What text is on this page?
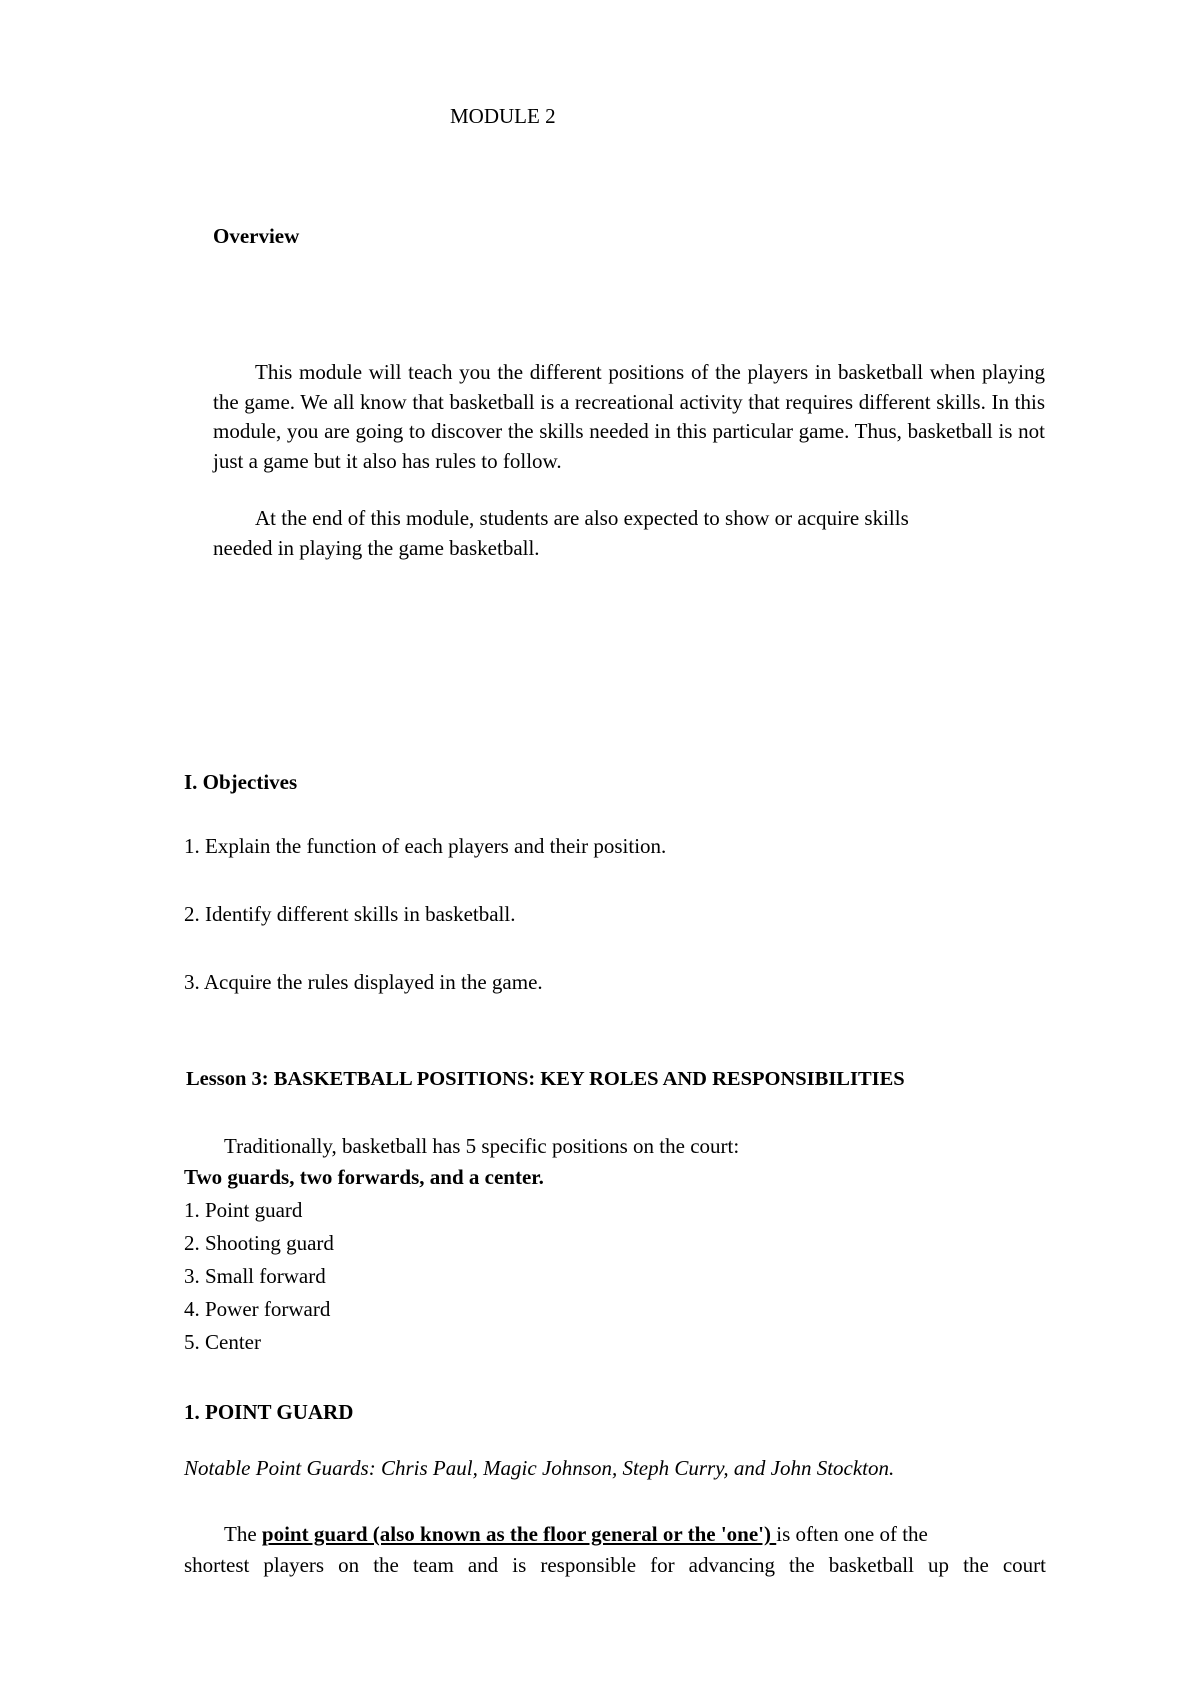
MODULE 2
Overview

This module will teach you the different positions of the players in basketball when playing the game. We all know that basketball is a recreational activity that requires different skills. In this module, you are going to discover the skills needed in this particular game. Thus, basketball is not just a game but it also has rules to follow.

At the end of this module, students are also expected to show or acquire skills
needed in playing the game basketball.
I. Objectives
1. Explain the function of each players and their position.
2. Identify different skills in basketball.
3. Acquire the rules displayed in the game.
Lesson 3: BASKETBALL POSITIONS: KEY ROLES AND RESPONSIBILITIES
Traditionally, basketball has 5 specific positions on the court:
Two guards, two forwards, and a center.
1. Point guard
2. Shooting guard
3. Small forward
4. Power forward
5. Center
1. POINT GUARD
Notable Point Guards: Chris Paul, Magic Johnson, Steph Curry, and John Stockton.
The point guard (also known as the floor general or the 'one') is often one of the
shortest players on the team and is responsible for advancing the basketball up the court
